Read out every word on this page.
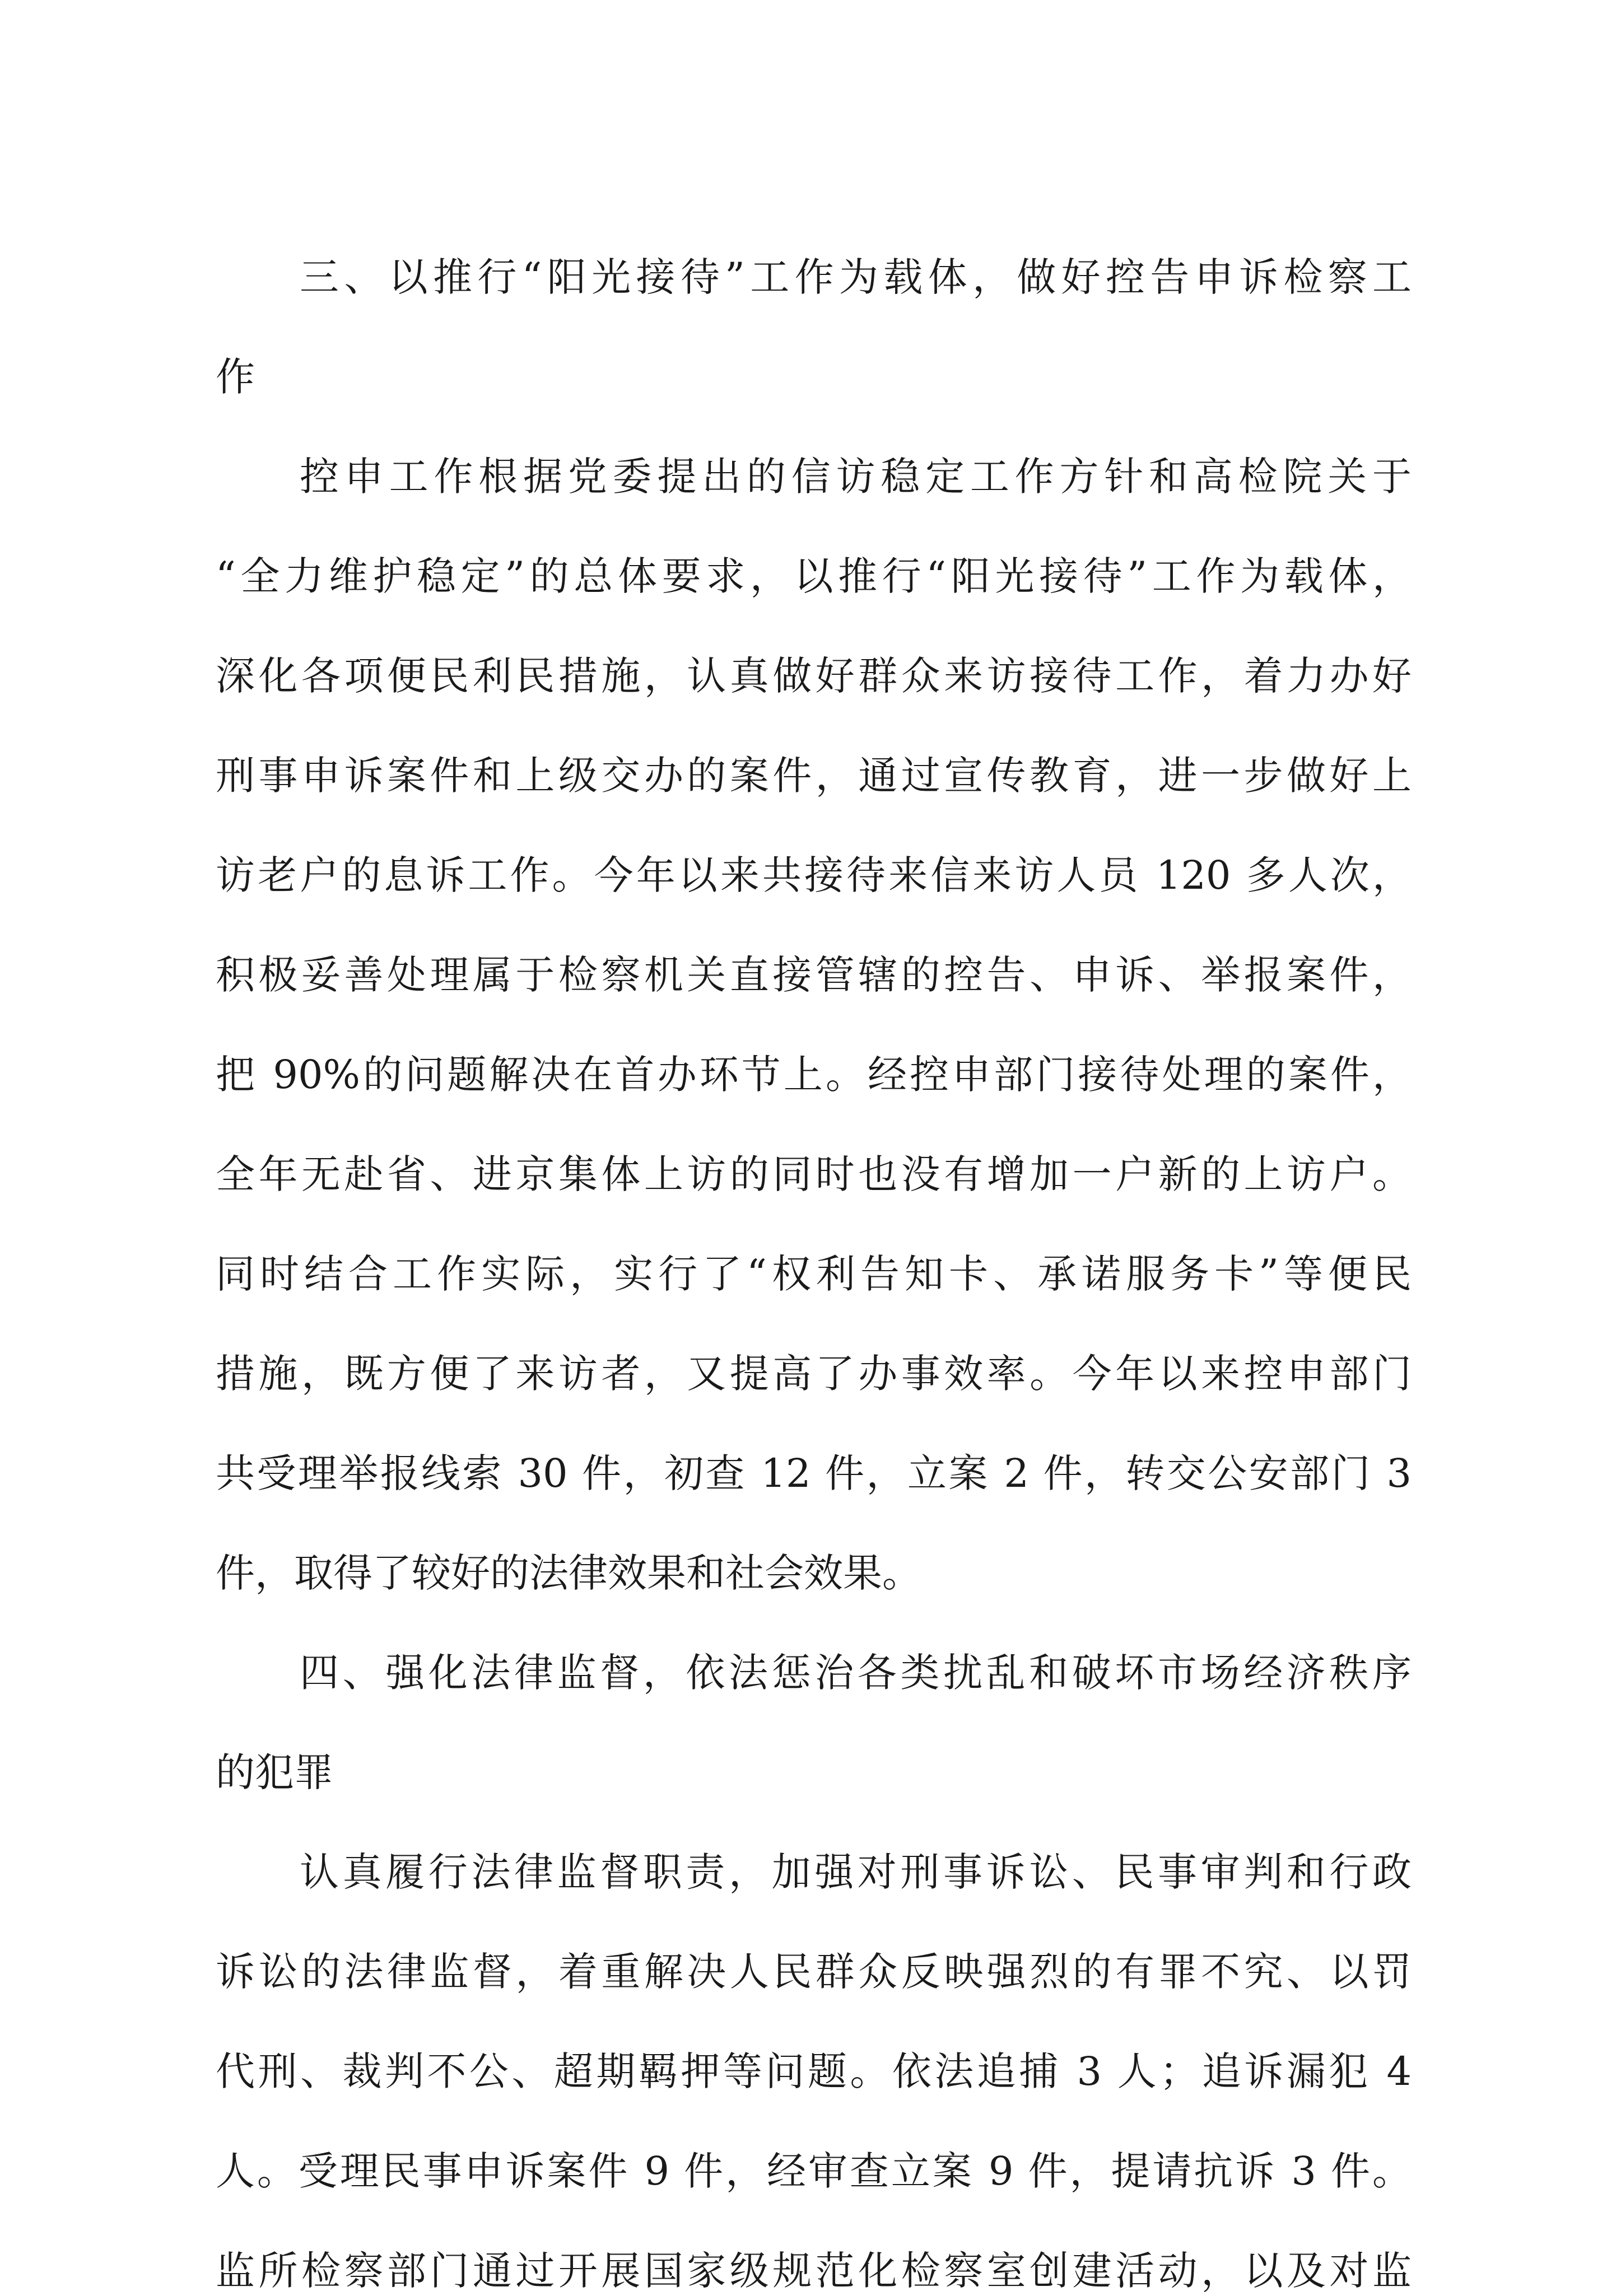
三、以推行“阳光接待”工作为载体，做好控告申诉检察工
作
控申工作根据党委提出的信访稳定工作方针和高检院关于
“全力维护稳定”的总体要求，以推行“阳光接待”工作为载体，
深化各项便民利民措施，认真做好群众来访接待工作，着力办好
刑事申诉案件和上级交办的案件，通过宣传教育，进一步做好上
访老户的息诉工作。今年以来共接待来信来访人员 120 多人次，
积极妥善处理属于检察机关直接管辖的控告、申诉、举报案件，
把 90%的问题解决在首办环节上。经控申部门接待处理的案件，
全年无赴省、进京集体上访的同时也没有增加一户新的上访户。
同时结合工作实际，实行了“权利告知卡、承诺服务卡”等便民
措施，既方便了来访者，又提高了办事效率。今年以来控申部门
共受理举报线索 30 件，初查 12 件，立案 2 件，转交公安部门 3
件，取得了较好的法律效果和社会效果。
四、强化法律监督，依法惩治各类扰乱和破坏市场经济秩序
的犯罪
认真履行法律监督职责，加强对刑事诉讼、民事审判和行政
诉讼的法律监督，着重解决人民群众反映强烈的有罪不究、以罚
代刑、裁判不公、超期羁押等问题。依法追捕 3 人；追诉漏犯 4
人。受理民事申诉案件 9 件，经审查立案 9 件，提请抗诉 3 件。
监所检察部门通过开展国家级规范化检察室创建活动，以及对监
